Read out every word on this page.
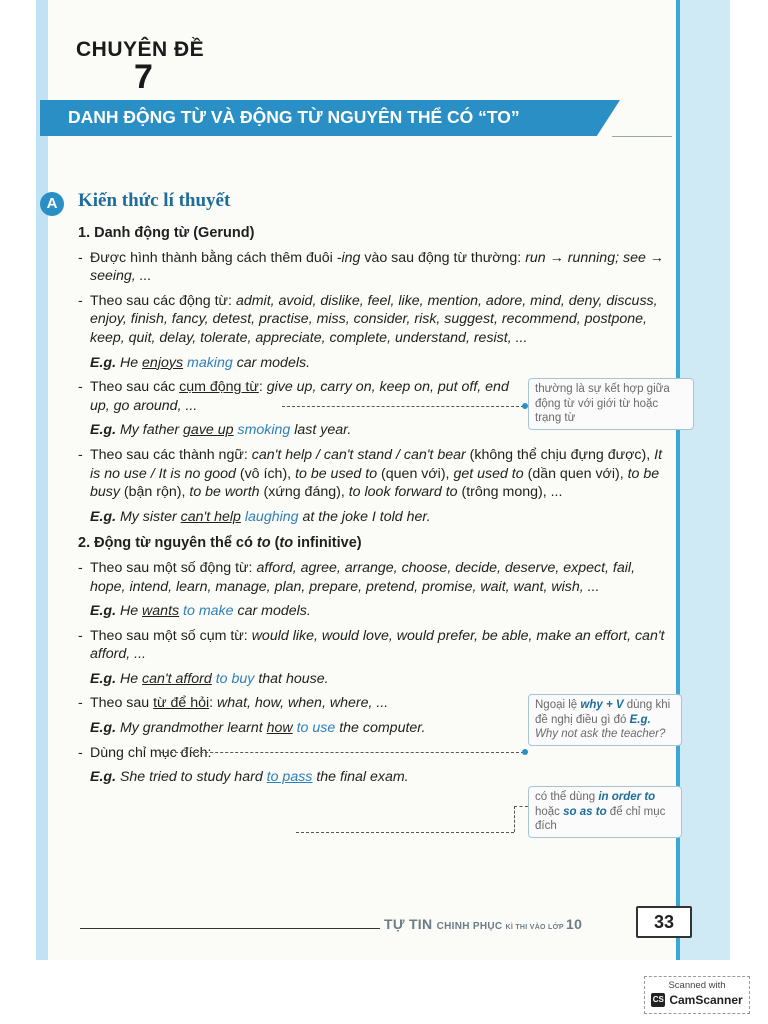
CHUYÊN ĐỀ
7
DANH ĐỘNG TỪ VÀ ĐỘNG TỪ NGUYÊN THỂ CÓ “TO”
A	Kiến thức lí thuyết
1. Danh động từ (Gerund)
- Được hình thành bằng cách thêm đuôi -ing vào sau động từ thường: run → running; see → seeing, ...
- Theo sau các động từ: admit, avoid, dislike, feel, like, mention, adore, mind, deny, discuss, enjoy, finish, fancy, detest, practise, miss, consider, risk, suggest, recommend, postpone, keep, quit, delay, tolerate, appreciate, complete, understand, resist, ...
E.g. He enjoys making car models.
- Theo sau các cụm động từ: give up, carry on, keep on, put off, end up, go around, ...
E.g. My father gave up smoking last year.
- Theo sau các thành ngữ: can't help / can't stand / can't bear (không thể chịu đựng được), It is no use / It is no good (vô ích), to be used to (quen với), get used to (dần quen với), to be busy (bận rộn), to be worth (xứng đáng), to look forward to (trông mong), ...
E.g. My sister can't help laughing at the joke I told her.
2. Động từ nguyên thể có to (to infinitive)
- Theo sau một số động từ: afford, agree, arrange, choose, decide, deserve, expect, fail, hope, intend, learn, manage, plan, prepare, pretend, promise, wait, want, wish, ...
E.g. He wants to make car models.
- Theo sau một số cụm từ: would like, would love, would prefer, be able, make an effort, can't afford, ...
E.g. He can't afford to buy that house.
- Theo sau từ để hỏi: what, how, when, where, ...
E.g. My grandmother learnt how to use the computer.
- Dùng chỉ mục đích:
E.g. She tried to study hard to pass the final exam.
thường là sự kết hợp giữa động từ với giới từ hoặc trạng từ
Ngoại lệ why + V dùng khi đề nghị điều gì đó E.g. Why not ask the teacher?
có thể dùng in order to hoặc so as to để chỉ mục đích
TỰ TIN CHINH PHỤC KÌ THI VÀO LỚP 10	33
Scanned with
CS CamScanner
